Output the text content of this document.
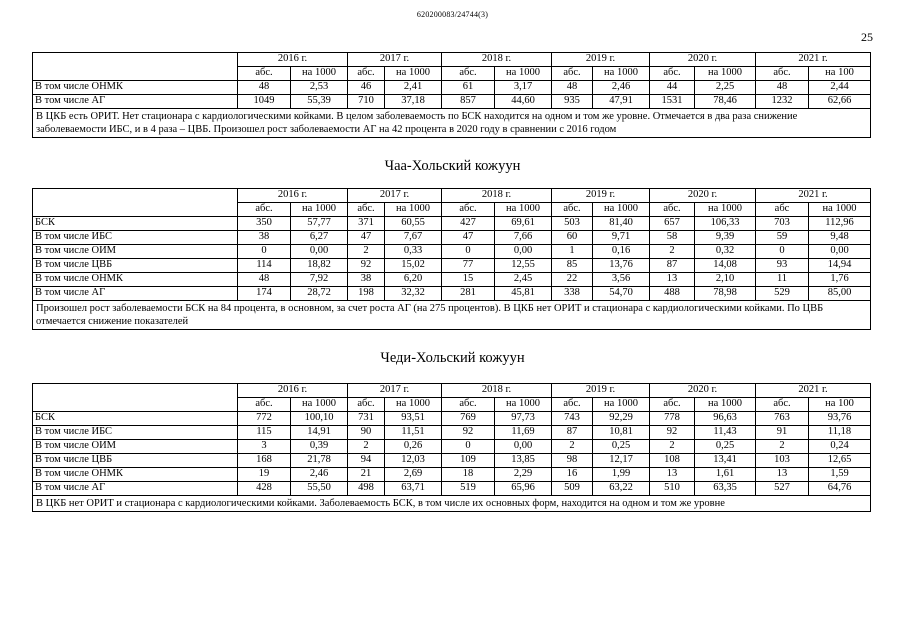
620200083/24744(3)
25
	2016 г.		2017 г.		2018 г.		2019 г.		2020 г.		2021 г.	
	абс.	на 1000	абс.	на 1000	абс.	на 1000	абс.	на 1000	абс.	на 1000	абс.	на 100
В том числе ОНМК	48	2,53	46	2,41	61	3,17	48	2,46	44	2,25	48	2,44
В том числе АГ	1049	55,39	710	37,18	857	44,60	935	47,91	1531	78,46	1232	62,66
В ЦКБ есть ОРИТ. Нет стационара с кардиологическими койками. В целом заболеваемость по БСК находится на одном и том же уровне. Отмечается в два раза снижение заболеваемости ИБС, и в 4 раза – ЦВБ. Произошел рост заболеваемости АГ на 42 процента в 2020 году в сравнении с 2016 годом												
Чаа-Хольский кожуун
	2016 г.		2017 г.		2018 г.		2019 г.		2020 г.		2021 г.	
	абс.	на 1000	абс.	на 1000	абс.	на 1000	абс.	на 1000	абс.	на 1000	абс	на 1000
БСК	350	57,77	371	60,55	427	69,61	503	81,40	657	106,33	703	112,96
В том числе ИБС	38	6,27	47	7,67	47	7,66	60	9,71	58	9,39	59	9,48
В том числе ОИМ	0	0,00	2	0,33	0	0,00	1	0,16	2	0,32	0	0,00
В том числе ЦВБ	114	18,82	92	15,02	77	12,55	85	13,76	87	14,08	93	14,94
В том числе ОНМК	48	7,92	38	6,20	15	2,45	22	3,56	13	2,10	11	1,76
В том числе АГ	174	28,72	198	32,32	281	45,81	338	54,70	488	78,98	529	85,00
Произошел рост заболеваемости БСК на 84 процента, в основном, за счет роста АГ (на 275 процентов). В ЦКБ нет ОРИТ и стационара с кардиологическими койками. По ЦВБ отмечается снижение показателей												
Чеди-Хольский кожуун
	2016 г.		2017 г.		2018 г.		2019 г.		2020 г.		2021 г.	
	абс.	на 1000	абс.	на 1000	абс.	на 1000	абс.	на 1000	абс.	на 1000	абс.	на 100
БСК	772	100,10	731	93,51	769	97,73	743	92,29	778	96,63	763	93,76
В том числе ИБС	115	14,91	90	11,51	92	11,69	87	10,81	92	11,43	91	11,18
В том числе ОИМ	3	0,39	2	0,26	0	0,00	2	0,25	2	0,25	2	0,24
В том числе ЦВБ	168	21,78	94	12,03	109	13,85	98	12,17	108	13,41	103	12,65
В том числе ОНМК	19	2,46	21	2,69	18	2,29	16	1,99	13	1,61	13	1,59
В том числе АГ	428	55,50	498	63,71	519	65,96	509	63,22	510	63,35	527	64,76
В ЦКБ нет ОРИТ и стационара с кардиологическими койками. Заболеваемость БСК, в том числе их основных форм, находится на одном и том же уровне												
